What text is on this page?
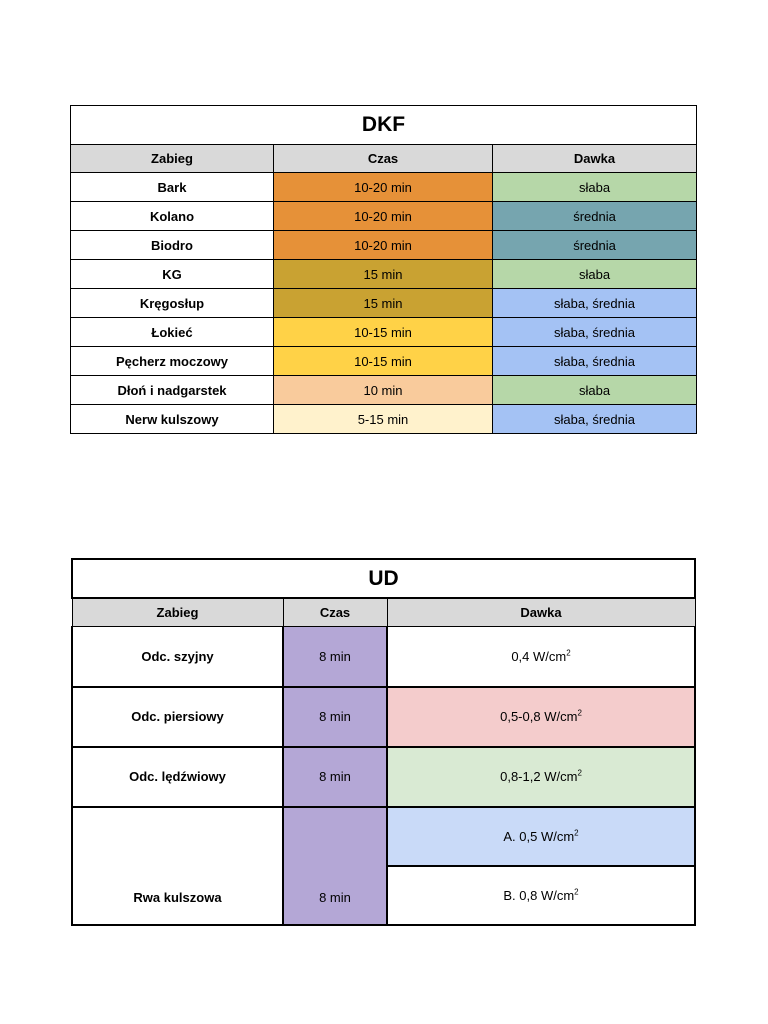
DKF		
Zabieg	Czas	Dawka
Bark	10-20 min	słaba
Kolano	10-20 min	średnia
Biodro	10-20 min	średnia
KG	15 min	słaba
Kręgosłup	15 min	słaba, średnia
Łokieć	10-15 min	słaba, średnia
Pęcherz moczowy	10-15 min	słaba, średnia
Dłoń i nadgarstek	10 min	słaba
Nerw kulszowy	5-15 min	słaba, średnia
UD		
Zabieg	Czas	Dawka
Odc. szyjny	8 min	0,4 $W/cm^2$
Odc. piersiowy	8 min	0,5-0,8 $W/cm^2$
Odc. lędźwiowy	8 min	0,8-1,2 $W/cm^2$
Rwa kulszowa	8 min	A. 0,5 $W/cm^2$
		B. 0,8 $W/cm^2$
